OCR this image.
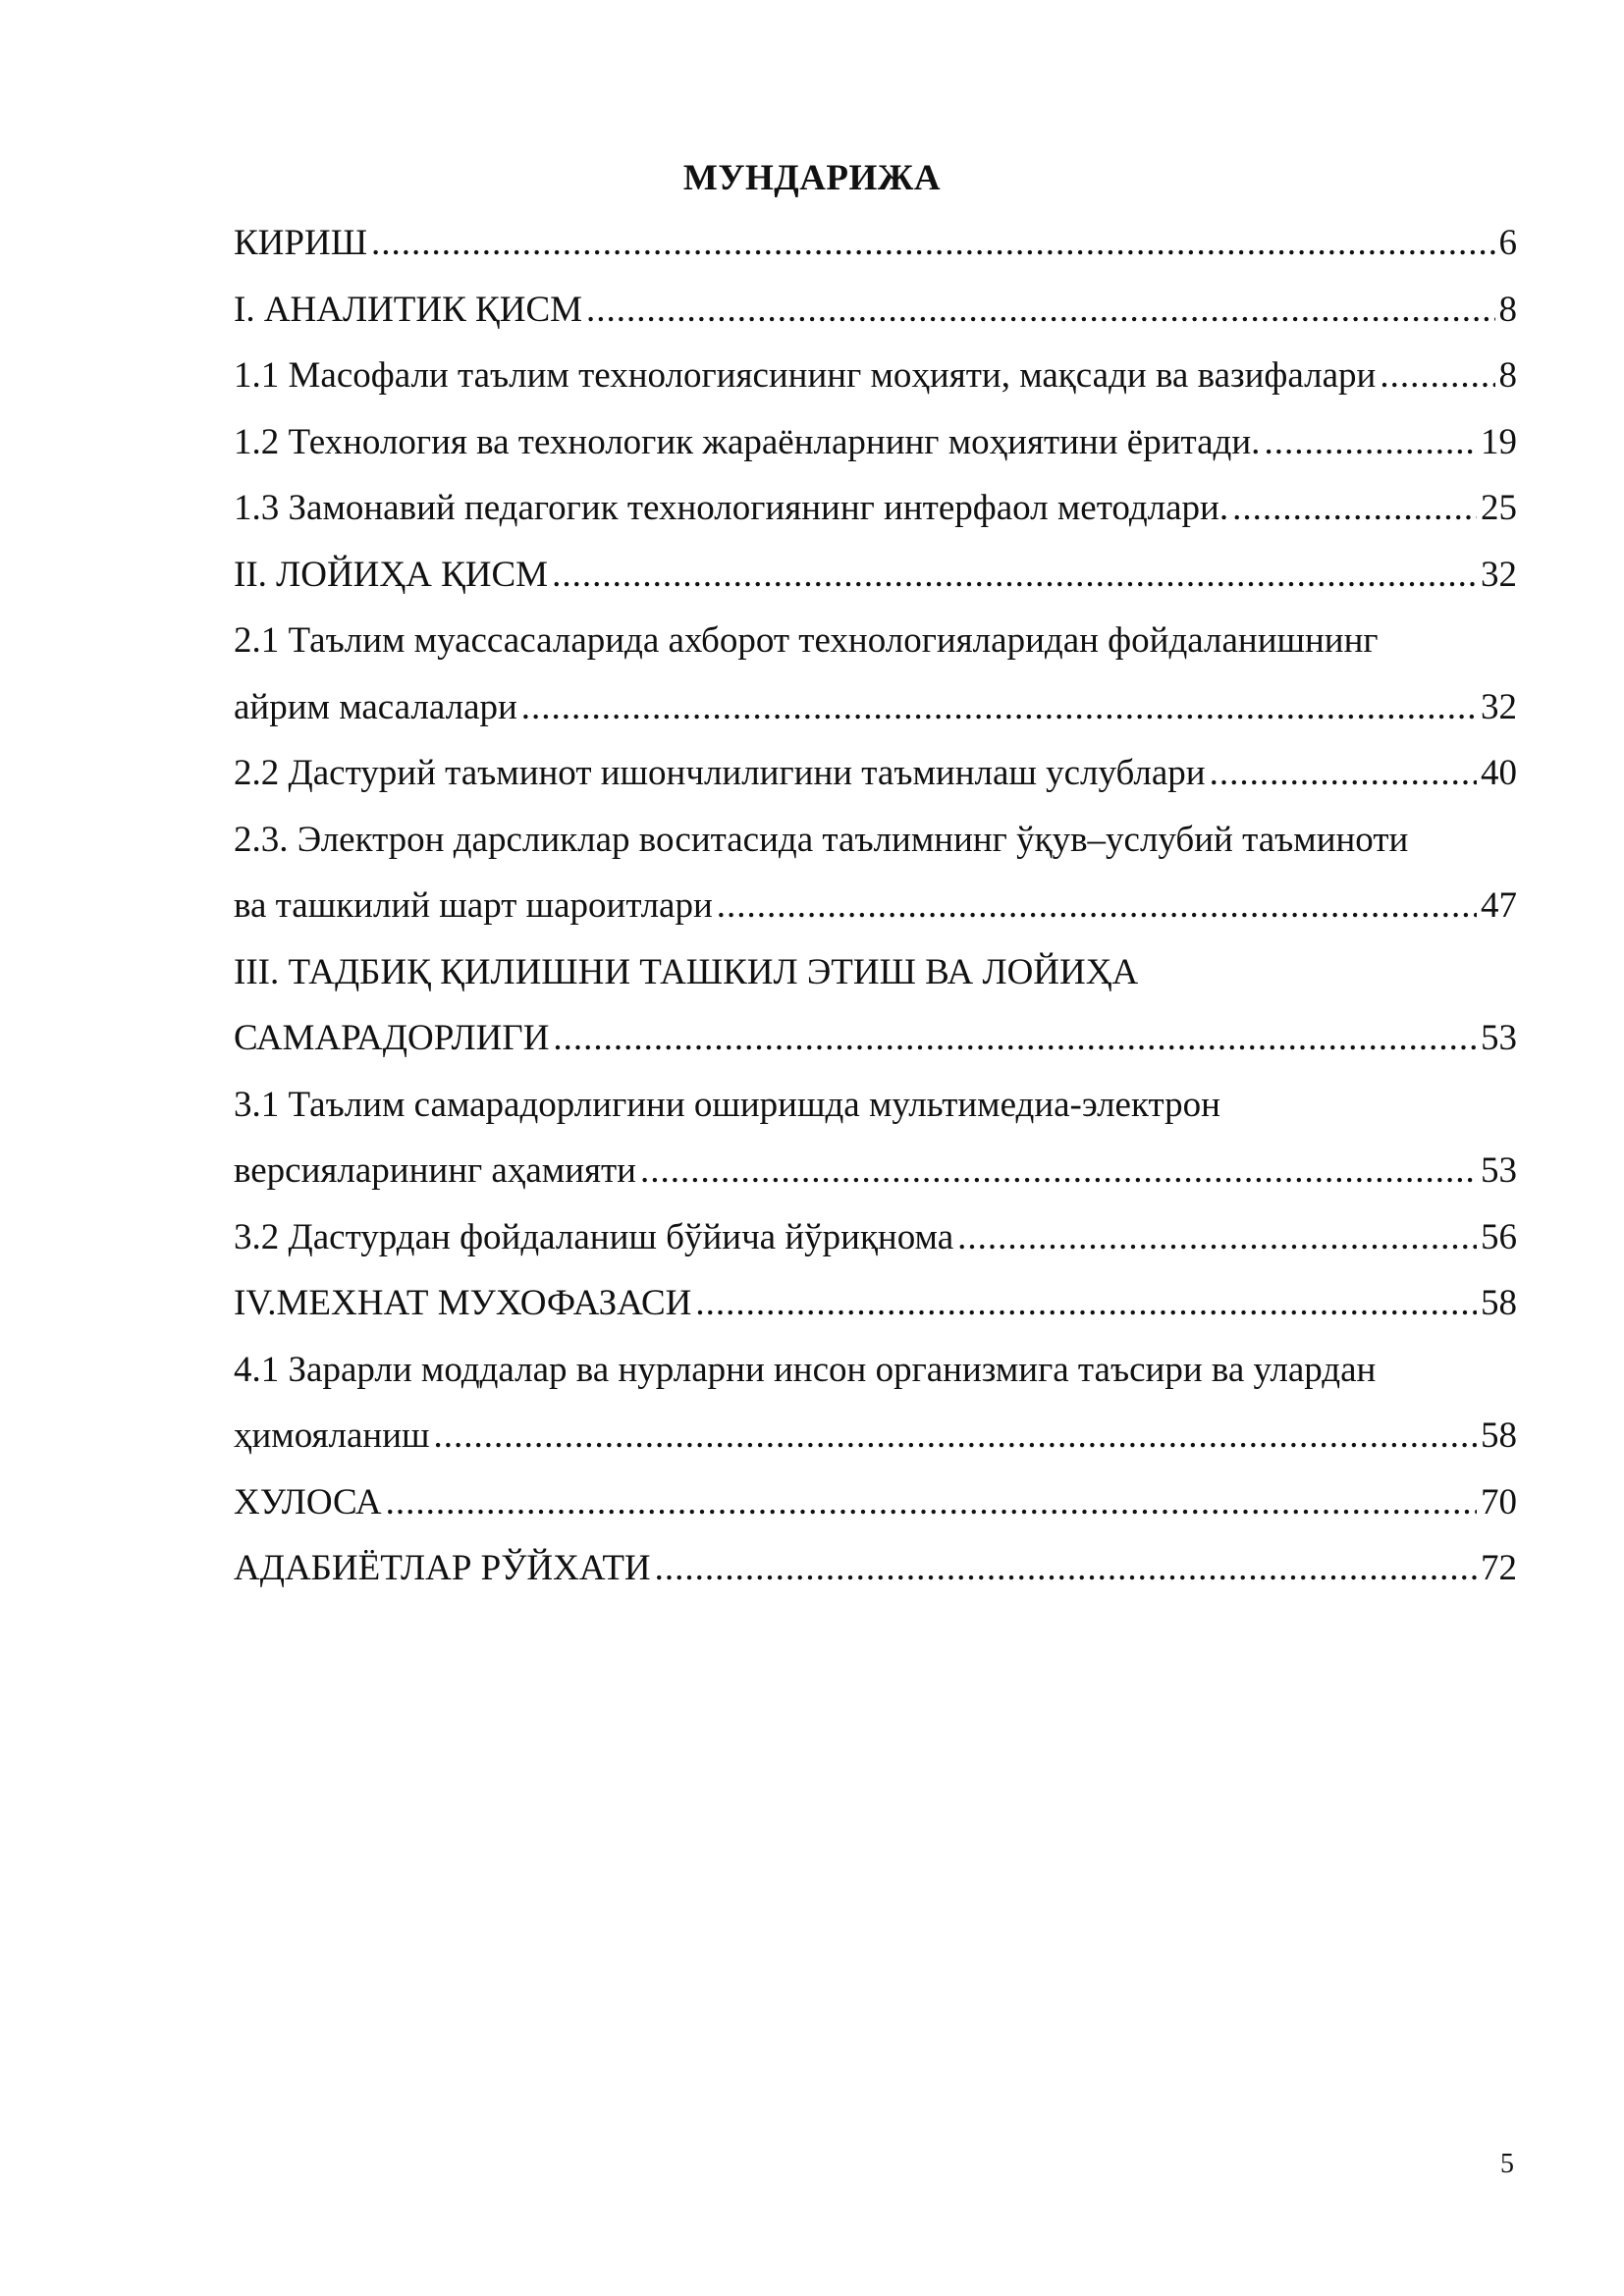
МУНДАРИЖА
КИРИШ .....	6
I. АНАЛИТИК ҚИСМ .....	8
1.1 Масофали таълим технологиясининг моҳияти, мақсади ва вазифалари .....	8
1.2 Технология ва технологик жараёнларнинг моҳиятини ёритади. .....	19
1.3 Замонавий педагогик технологиянинг интерфаол методлари. .....	25
II. ЛОЙИҲА ҚИСМ .....	32
2.1 Таълим муассасаларида ахборот технологияларидан фойдаланишнинг
айрим масалалари .....	32
2.2 Дастурий таъминот ишончлилигини таъминлаш услублари .....	40
2.3. Электрон дарсликлар воситасида таълимнинг ўқув–услубий таъминоти
ва ташкилий шарт шароитлари .....	47
III. ТАДБИҚ ҚИЛИШНИ ТАШКИЛ ЭТИШ ВА ЛОЙИҲА
САМАРАДОРЛИГИ .....	53
3.1 Таълим самарадорлигини оширишда мультимедиа-электрон
версияларининг аҳамияти .....	53
3.2 Дастурдан фойдаланиш бўйича йўриқнома .....	56
IV.МЕХНАТ МУХОФАЗАСИ .....	58
4.1 Зарарли моддалар ва нурларни инсон организмига таъсири ва улардан
ҳимояланиш .....	58
ХУЛОСА .....	70
АДАБИЁТЛАР РЎЙХАТИ .....	72
5
